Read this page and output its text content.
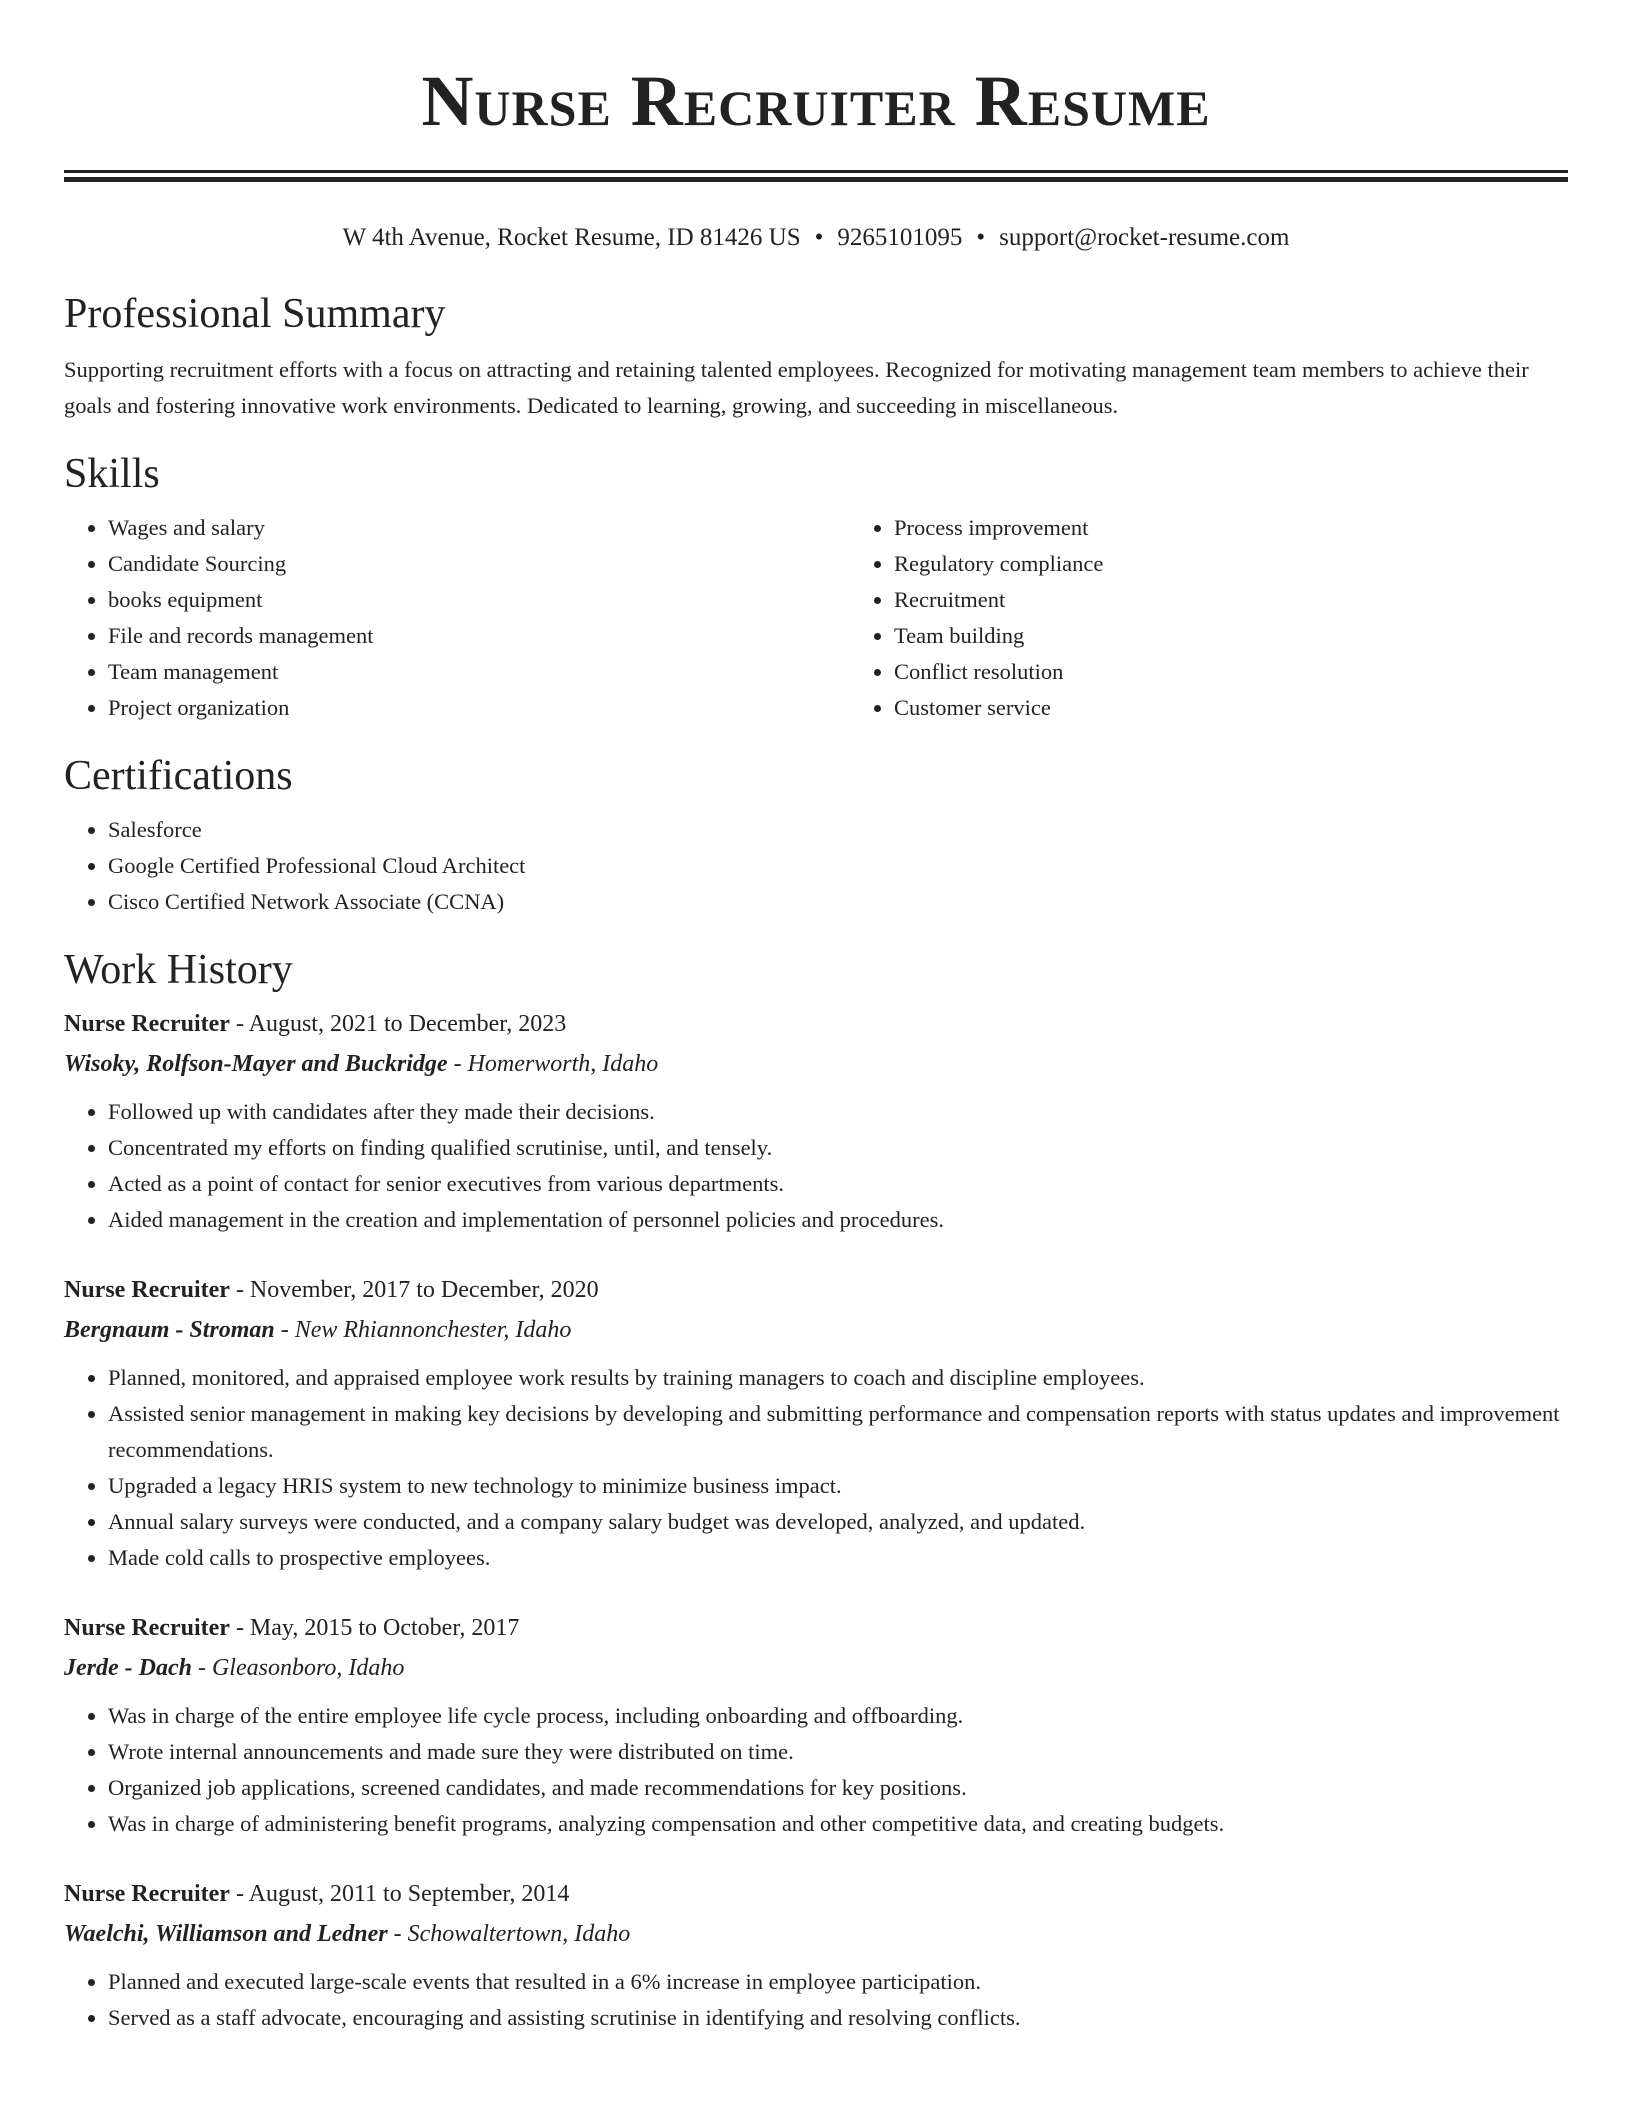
Nurse Recruiter Resume
W 4th Avenue, Rocket Resume, ID 81426 US • 9265101095 • support@rocket-resume.com
Professional Summary

Supporting recruitment efforts with a focus on attracting and retaining talented employees. Recognized for motivating management team members to achieve their goals and fostering innovative work environments. Dedicated to learning, growing, and succeeding in miscellaneous.

Skills
• Wages and salary
• Candidate Sourcing
• books equipment
• File and records management
• Team management
• Project organization
• Process improvement
• Regulatory compliance
• Recruitment
• Team building
• Conflict resolution
• Customer service
Certifications
• Salesforce
• Google Certified Professional Cloud Architect
• Cisco Certified Network Associate (CCNA)
Work History
Nurse Recruiter - August, 2021 to December, 2023
Wisoky, Rolfson-Mayer and Buckridge - Homerworth, Idaho
• Followed up with candidates after they made their decisions.
• Concentrated my efforts on finding qualified scrutinise, until, and tensely.
• Acted as a point of contact for senior executives from various departments.
• Aided management in the creation and implementation of personnel policies and procedures.
Nurse Recruiter - November, 2017 to December, 2020
Bergnaum - Stroman - New Rhiannonchester, Idaho
• Planned, monitored, and appraised employee work results by training managers to coach and discipline employees.
• Assisted senior management in making key decisions by developing and submitting performance and compensation reports with status updates and improvement recommendations.
• Upgraded a legacy HRIS system to new technology to minimize business impact.
• Annual salary surveys were conducted, and a company salary budget was developed, analyzed, and updated.
• Made cold calls to prospective employees.
Nurse Recruiter - May, 2015 to October, 2017
Jerde - Dach - Gleasonboro, Idaho
• Was in charge of the entire employee life cycle process, including onboarding and offboarding.
• Wrote internal announcements and made sure they were distributed on time.
• Organized job applications, screened candidates, and made recommendations for key positions.
• Was in charge of administering benefit programs, analyzing compensation and other competitive data, and creating budgets.
Nurse Recruiter - August, 2011 to September, 2014
Waelchi, Williamson and Ledner - Schowaltertown, Idaho
• Planned and executed large-scale events that resulted in a 6% increase in employee participation.
• Served as a staff advocate, encouraging and assisting scrutinise in identifying and resolving conflicts.
